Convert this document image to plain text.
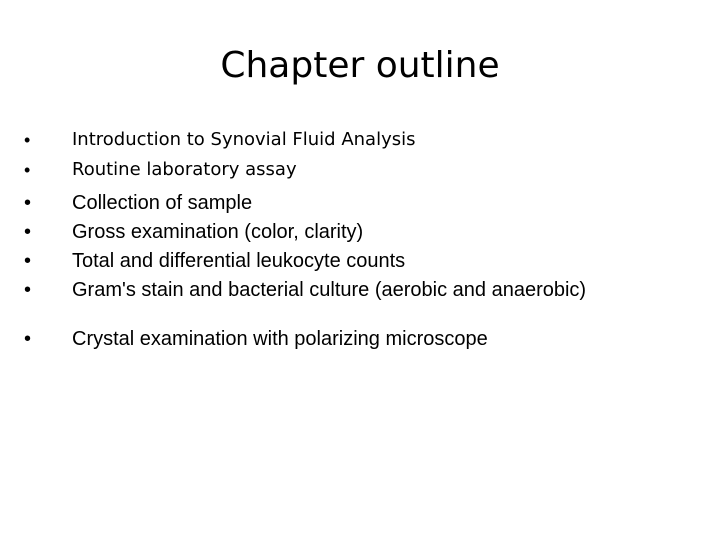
Chapter outline
• Introduction to Synovial Fluid Analysis
• Routine laboratory assay
• Collection of sample
• Gross examination (color, clarity)
• Total and differential leukocyte counts
• Gram's stain and bacterial culture (aerobic and anaerobic)
• Crystal examination with polarizing microscope
